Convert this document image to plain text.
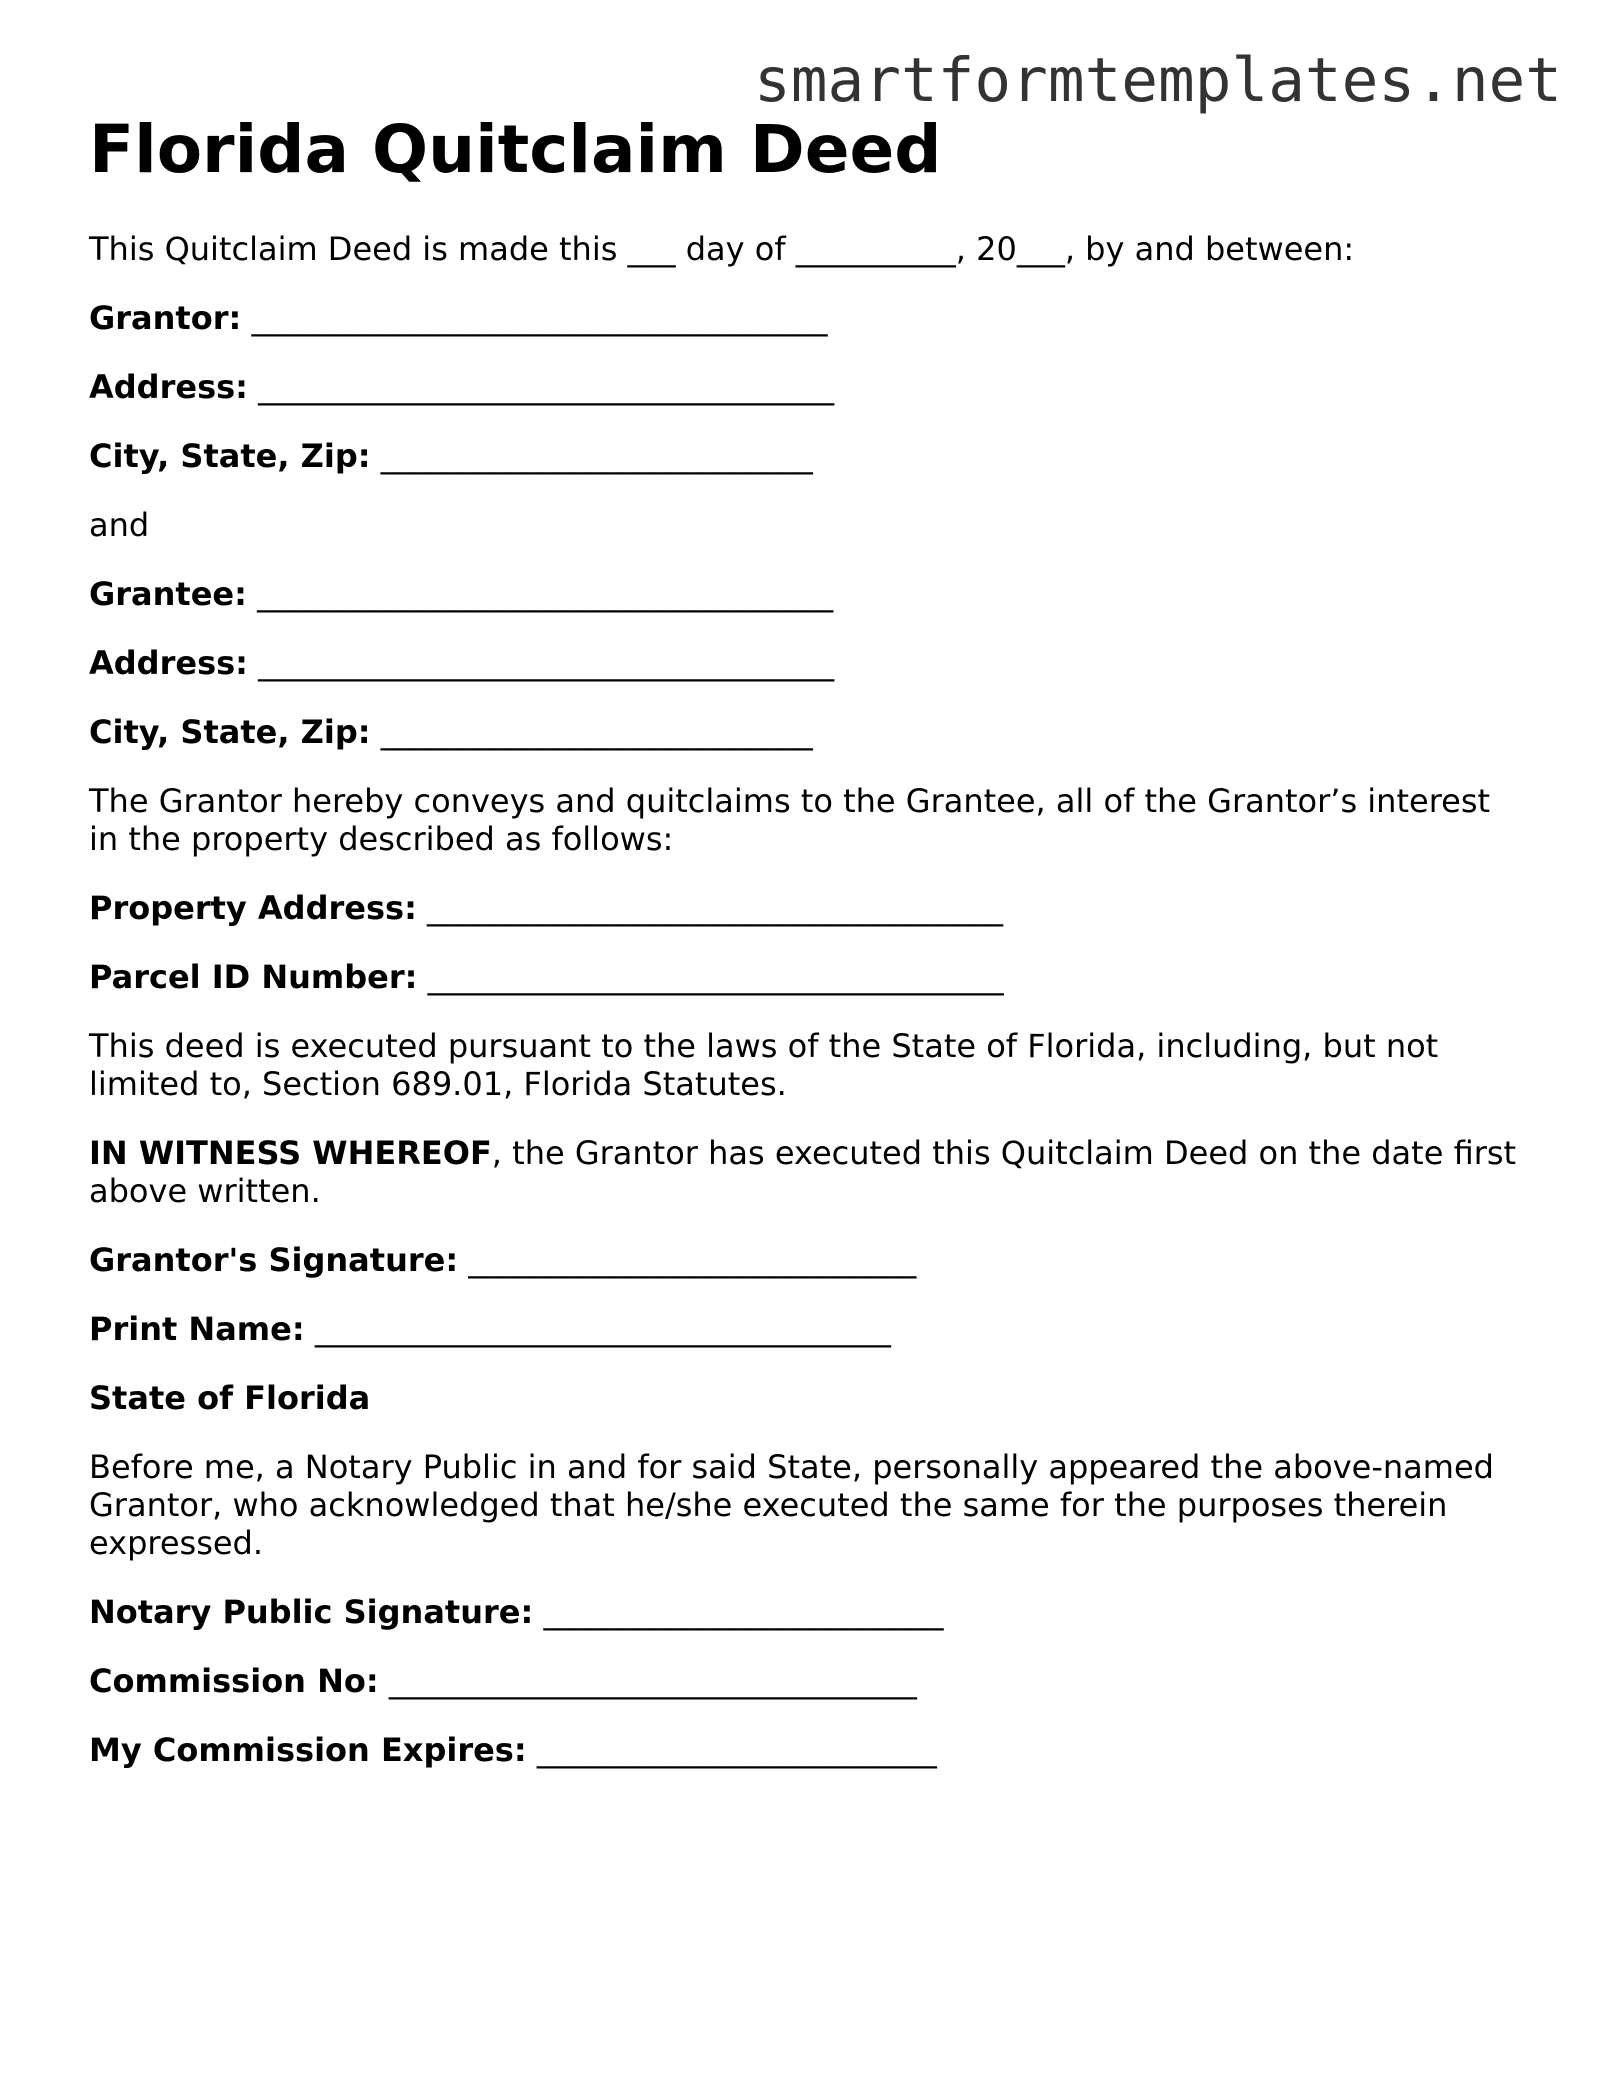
smartformtemplates.net
Florida Quitclaim Deed
This Quitclaim Deed is made this ___ day of __________, 20___, by and between:
Grantor: ____________________________________
Address: ____________________________________
City, State, Zip: ___________________________
and
Grantee: ____________________________________
Address: ____________________________________
City, State, Zip: ___________________________
The Grantor hereby conveys and quitclaims to the Grantee, all of the Grantor’s interest in the property described as follows:
Property Address: ____________________________________
Parcel ID Number: ____________________________________
This deed is executed pursuant to the laws of the State of Florida, including, but not limited to, Section 689.01, Florida Statutes.
IN WITNESS WHEREOF, the Grantor has executed this Quitclaim Deed on the date first above written.
Grantor's Signature: ____________________________
Print Name: ____________________________________
State of Florida
Before me, a Notary Public in and for said State, personally appeared the above-named Grantor, who acknowledged that he/she executed the same for the purposes therein expressed.
Notary Public Signature: _________________________
Commission No: _________________________________
My Commission Expires: _________________________
